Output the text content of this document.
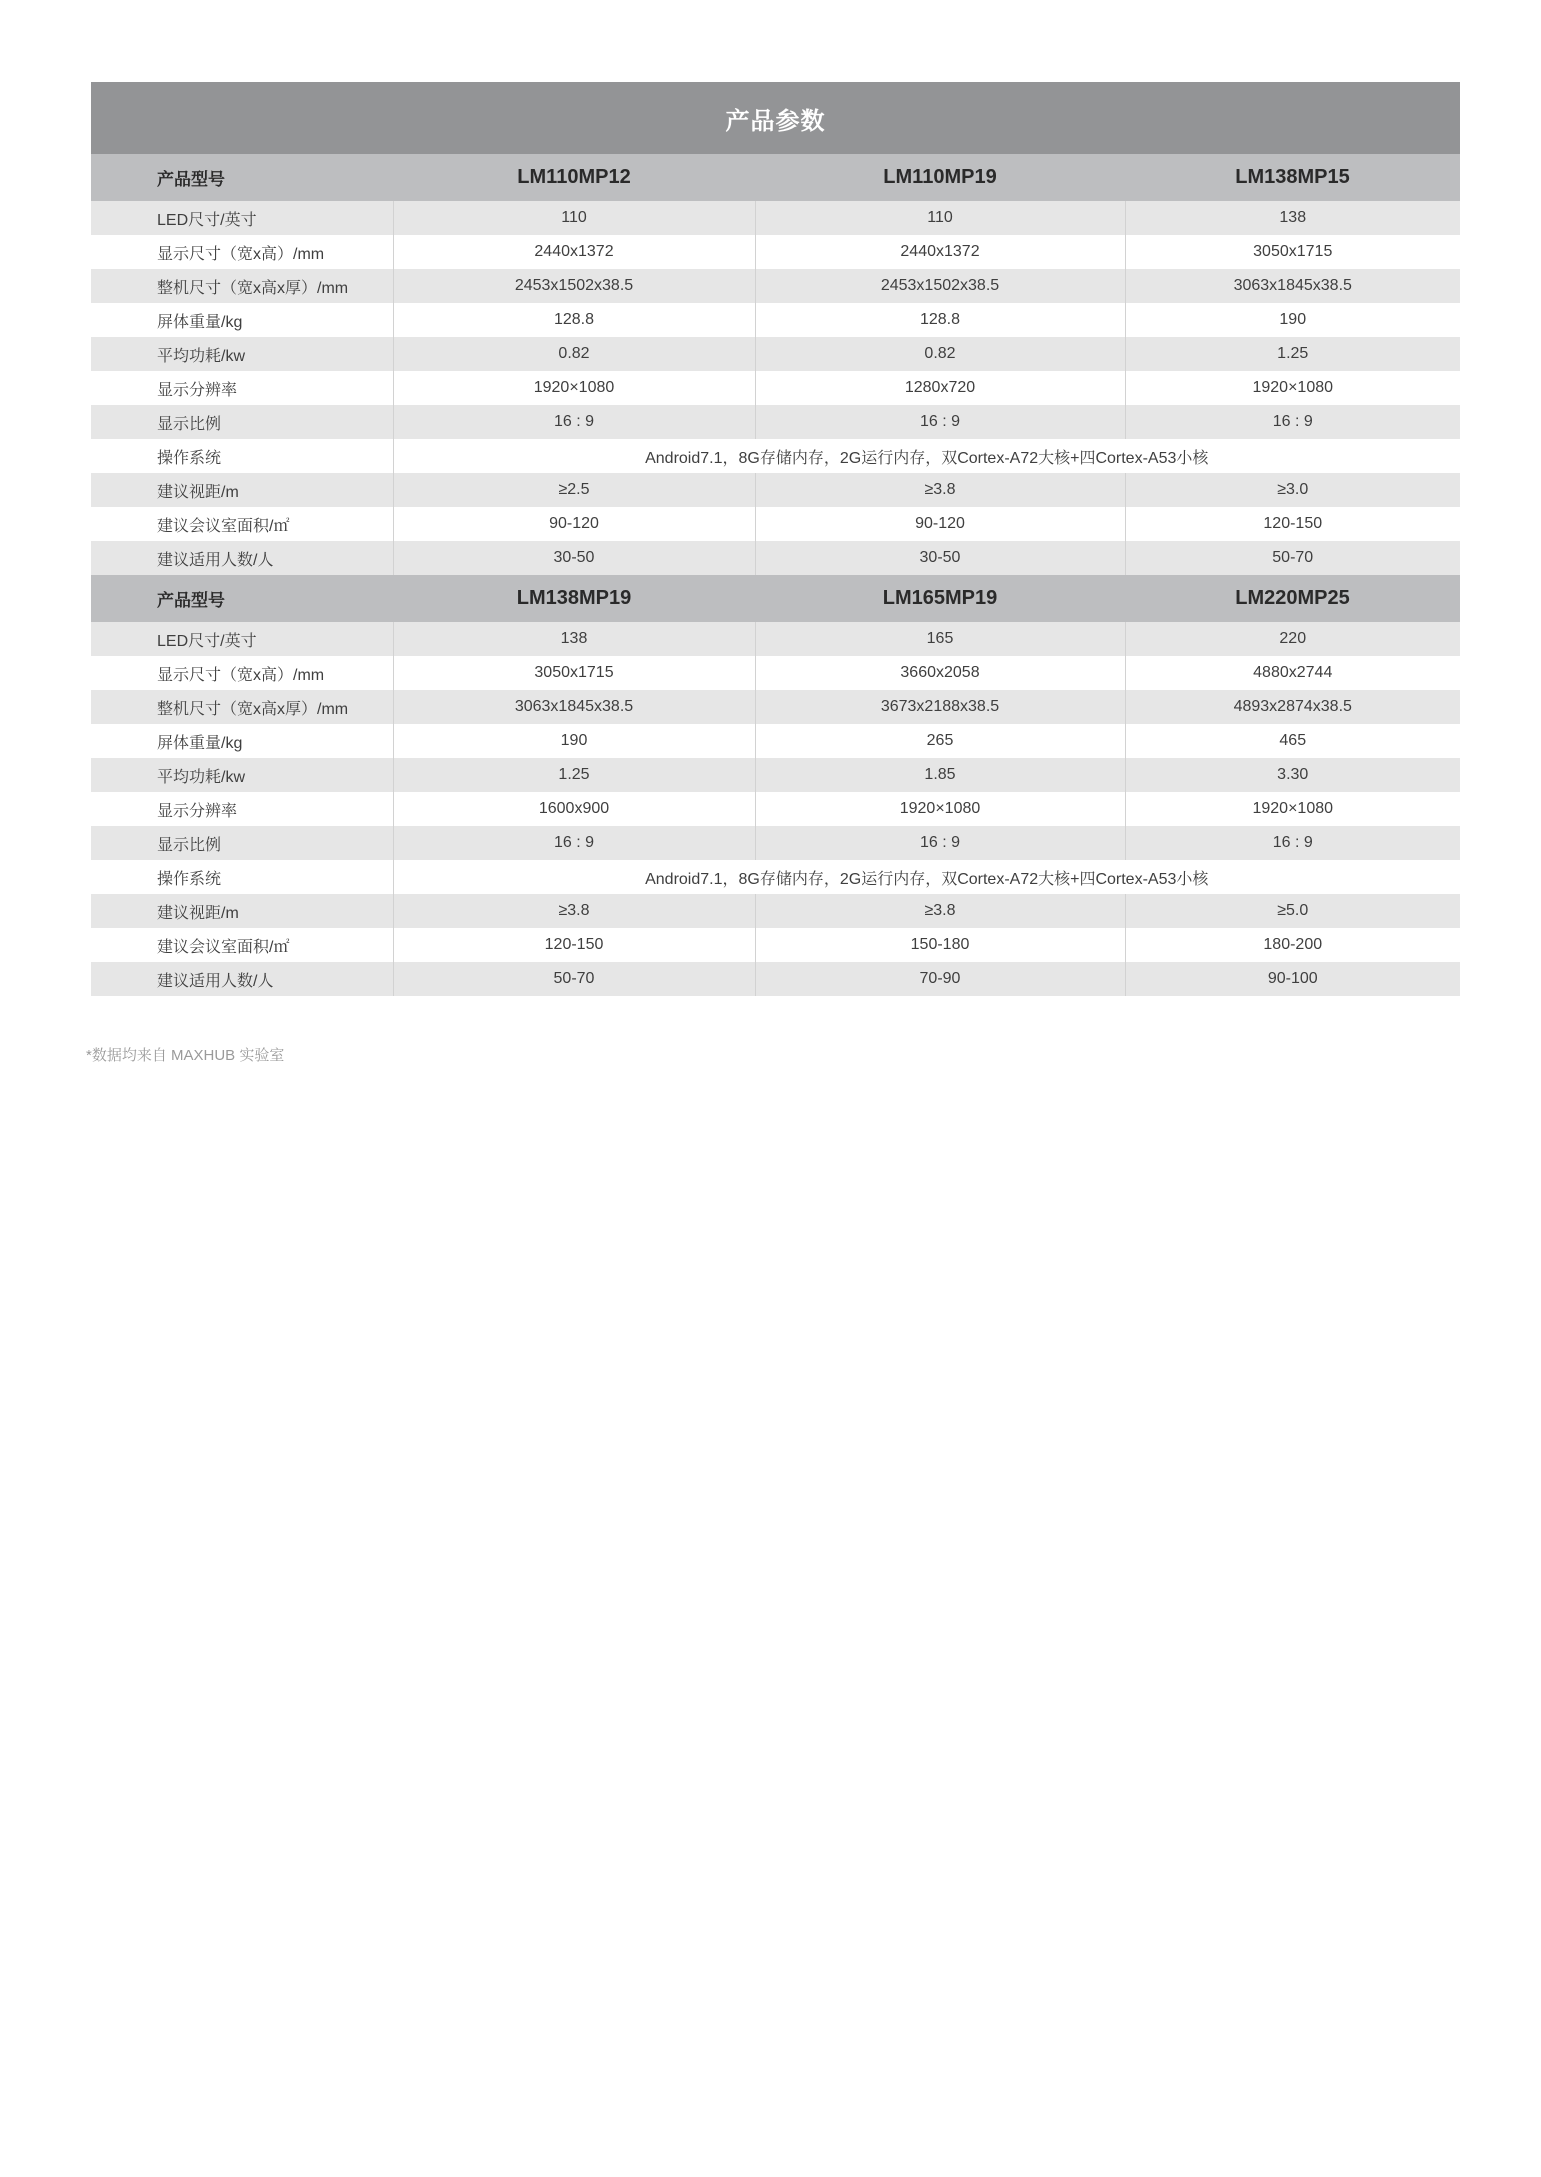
产品参数			
产品型号	LM110MP12	LM110MP19	LM138MP15
LED尺寸/英寸	110	110	138
显示尺寸（宽x高）/mm	2440x1372	2440x1372	3050x1715
整机尺寸（宽x高x厚）/mm	2453x1502x38.5	2453x1502x38.5	3063x1845x38.5
屏体重量/kg	128.8	128.8	190
平均功耗/kw	0.82	0.82	1.25
显示分辨率	1920×1080	1280x720	1920×1080
显示比例	16 : 9	16 : 9	16 : 9
操作系统	Android7.1，8G存储内存，2G运行内存，双Cortex-A72大核+四Cortex-A53小核		
建议视距/m	≥2.5	≥3.8	≥3.0
建议会议室面积/㎡	90-120	90-120	120-150
建议适用人数/人	30-50	30-50	50-70
产品型号	LM138MP19	LM165MP19	LM220MP25
LED尺寸/英寸	138	165	220
显示尺寸（宽x高）/mm	3050x1715	3660x2058	4880x2744
整机尺寸（宽x高x厚）/mm	3063x1845x38.5	3673x2188x38.5	4893x2874x38.5
屏体重量/kg	190	265	465
平均功耗/kw	1.25	1.85	3.30
显示分辨率	1600x900	1920×1080	1920×1080
显示比例	16 : 9	16 : 9	16 : 9
操作系统	Android7.1，8G存储内存，2G运行内存，双Cortex-A72大核+四Cortex-A53小核		
建议视距/m	≥3.8	≥3.8	≥5.0
建议会议室面积/㎡	120-150	150-180	180-200
建议适用人数/人	50-70	70-90	90-100
*数据均来自 MAXHUB 实验室
